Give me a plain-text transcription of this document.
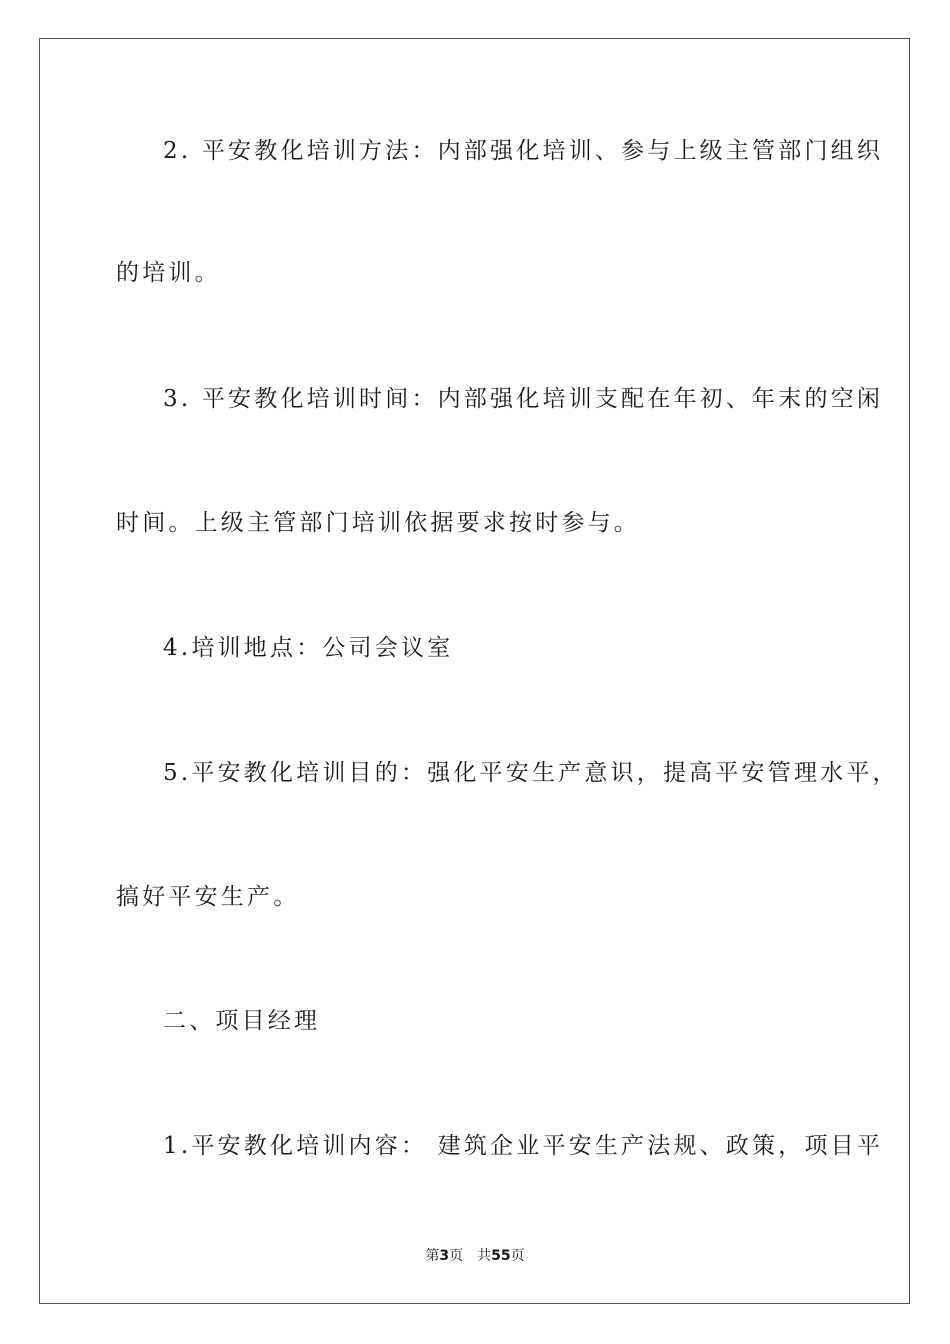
2. 平安教化培训方法：内部强化培训、参与上级主管部门组织
的培训。
3. 平安教化培训时间：内部强化培训支配在年初、年末的空闲
时间。上级主管部门培训依据要求按时参与。
4.培训地点：公司会议室
5.平安教化培训目的：强化平安生产意识，提高平安管理水平，
搞好平安生产。
二、项目经理
1.平安教化培训内容： 建筑企业平安生产法规、政策，项目平
第3页 共55页
